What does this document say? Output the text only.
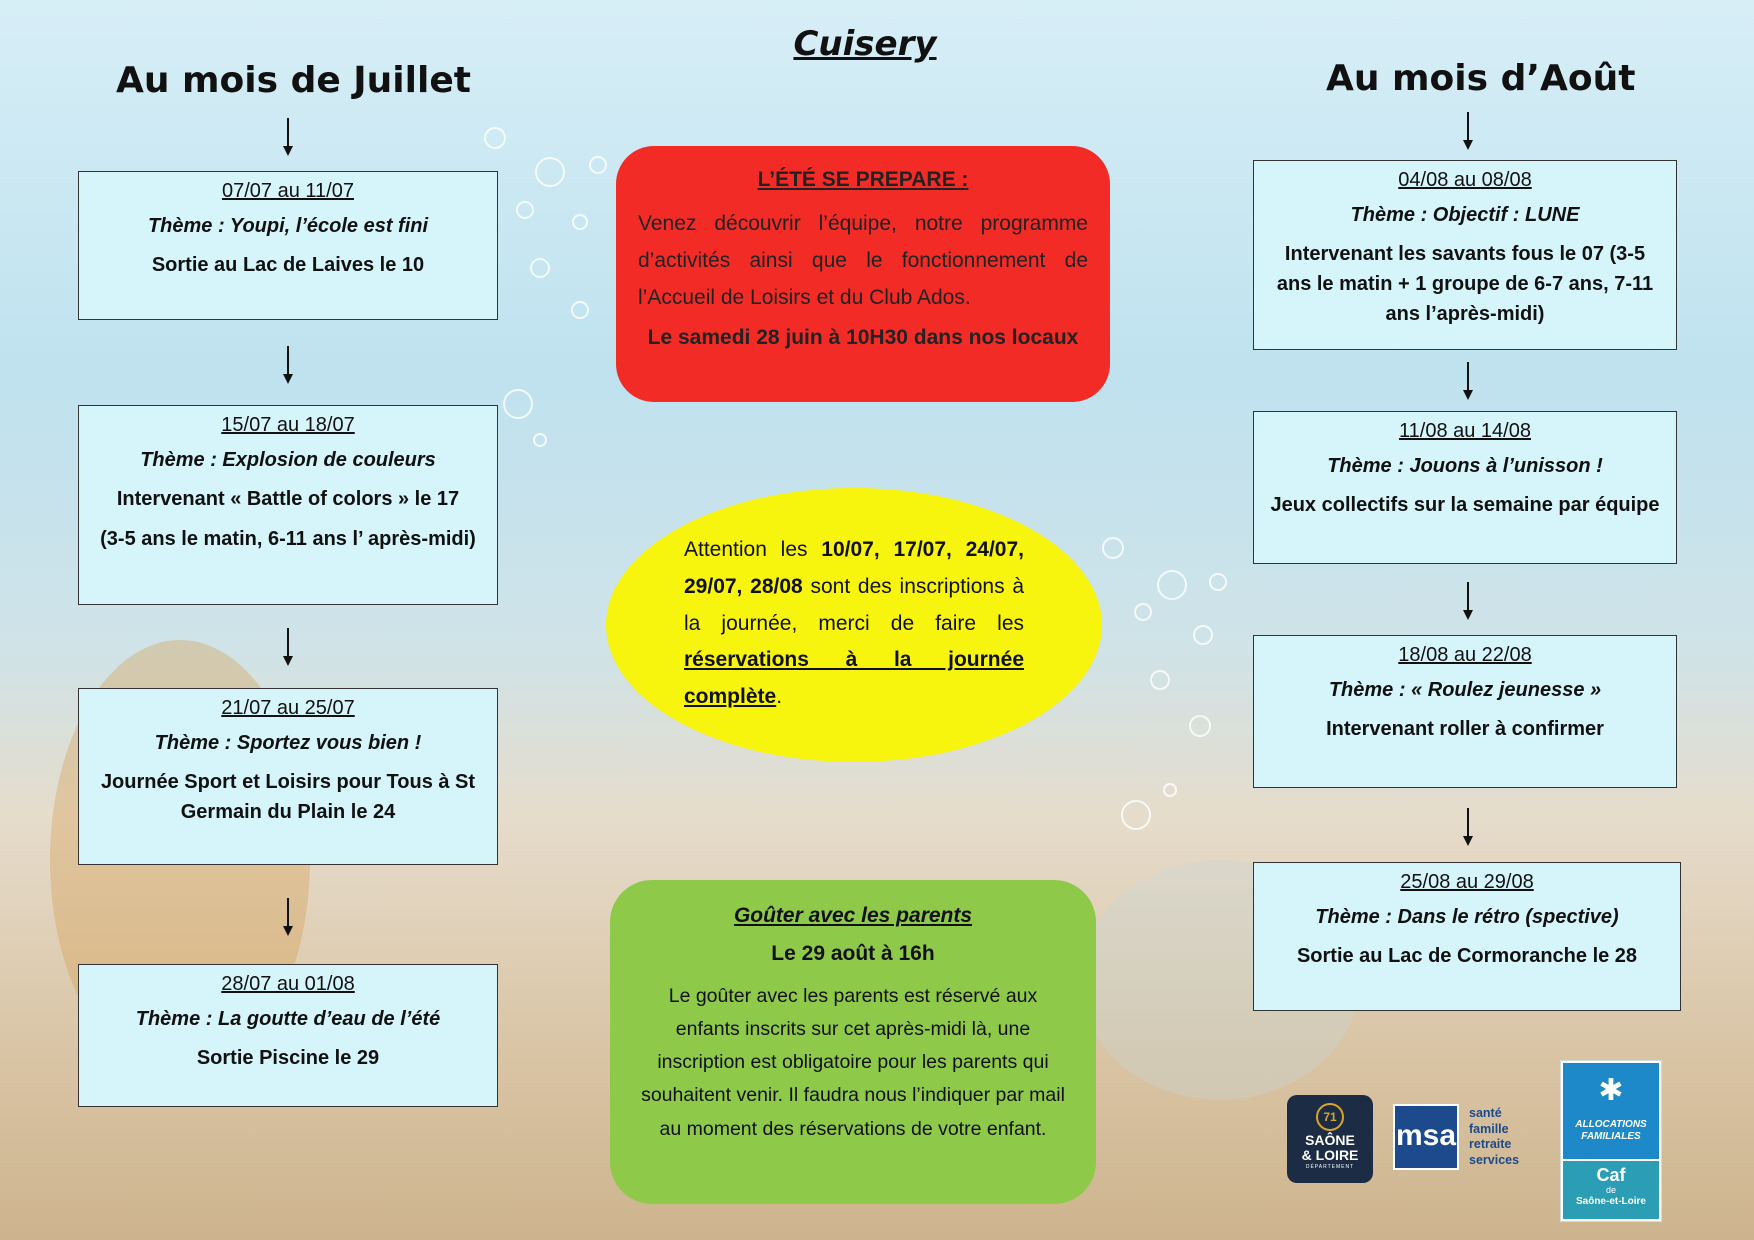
Cuisery
Au mois de Juillet
07/07 au 11/07
Thème : Youpi, l’école est fini
Sortie au Lac de Laives le 10
15/07 au 18/07
Thème : Explosion de couleurs
Intervenant « Battle of colors » le 17
(3-5 ans le matin, 6-11 ans l’ après-midi)
21/07 au 25/07
Thème : Sportez vous bien !
Journée Sport et Loisirs pour Tous à St Germain du Plain le 24
28/07 au 01/08
Thème : La goutte d’eau de l’été
Sortie Piscine le 29
Au mois d’Août
04/08 au 08/08
Thème : Objectif : LUNE
Intervenant les savants fous le 07 (3-5 ans le matin + 1 groupe de 6-7 ans, 7-11 ans l’après-midi)
11/08 au 14/08
Thème : Jouons à l’unisson !
Jeux collectifs sur la semaine par équipe
18/08 au 22/08
Thème : « Roulez jeunesse »
Intervenant roller à confirmer
25/08 au 29/08
Thème : Dans le rétro (spective)
Sortie au Lac de Cormoranche le 28
L’ÉTÉ SE PREPARE :
Venez découvrir l’équipe, notre programme d’activités ainsi que le fonctionnement de l’Accueil de Loisirs et du Club Ados.
Le samedi 28 juin à 10H30 dans nos locaux
Attention les 10/07, 17/07, 24/07, 29/07, 28/08 sont des inscriptions à la journée, merci de faire les réservations à la journée complète.
Goûter avec les parents
Le 29 août à 16h
Le goûter avec les parents est réservé aux enfants inscrits sur cet après-midi là, une inscription est obligatoire pour les parents qui souhaitent venir. Il faudra nous l’indiquer par mail au moment des réservations de votre enfant.
71
SAÔNE
& LOIRE
DÉPARTEMENT
msa
santé
famille
retraite
services
✱
ALLOCATIONS FAMILIALES
Caf
de
Saône-et-Loire
